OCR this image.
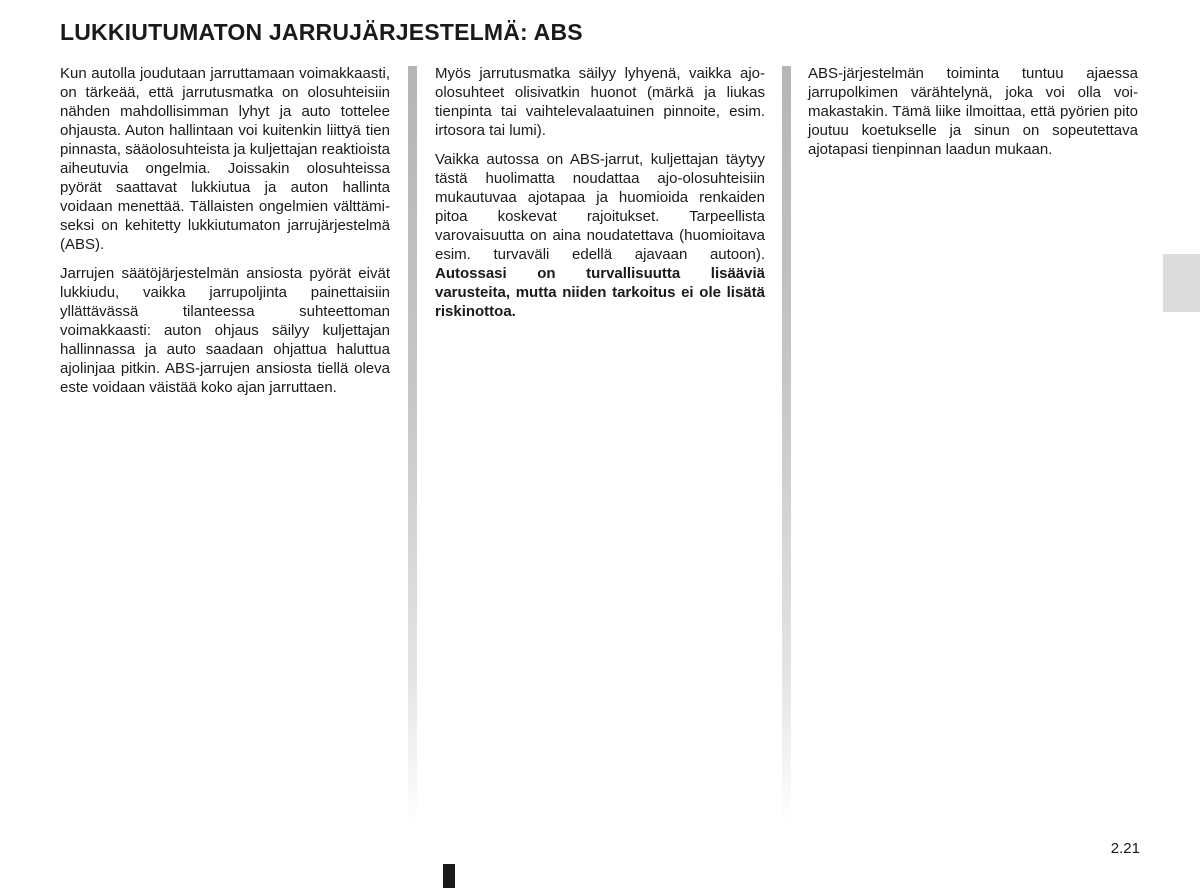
LUKKIUTUMATON JARRUJÄRJESTELMÄ: ABS

Kun autolla joudutaan jarruttamaan voimakkaasti, on tärkeää, että jarrutusmatka on olosuhteisiin nähden mahdollisimman lyhyt ja auto tottelee ohjausta. Auton hallintaan voi kuitenkin liittyä tien pinnasta, sääolosuhteista ja kuljettajan reaktioista aiheutuvia ongelmia. Joissakin olosuhteissa pyörät saattavat lukkiutua ja auton hallinta voidaan menettää. Tällaisten ongelmien välttämiseksi on kehitetty lukkiutumaton jarrujärjestelmä (ABS).

Jarrujen säätöjärjestelmän ansiosta pyörät eivät lukkiudu, vaikka jarrupoljinta painettaisiin yllättävässä tilanteessa suhteettoman voimakkaasti: auton ohjaus säilyy kuljettajan hallinnassa ja auto saadaan ohjattua haluttua ajolinjaa pitkin. ABS-jarrujen ansiosta tiellä oleva este voidaan väistää koko ajan jarruttaen.

Myös jarrutusmatka säilyy lyhyenä, vaikka ajo-olosuhteet olisivatkin huonot (märkä ja liukas tienpinta tai vaihtelevalaatuinen pinnoite, esim. irtosora tai lumi).

Vaikka autossa on ABS-jarrut, kuljettajan täytyy tästä huolimatta noudattaa ajo-olosuhteisiin mukautuvaa ajotapaa ja huomioida renkaiden pitoa koskevat rajoitukset. Tarpeellista varovaisuutta on aina noudatettava (huomioitava esim. turvaväli edellä ajavaan autoon). Autossasi on turvallisuutta lisääviä varusteita, mutta niiden tarkoitus ei ole lisätä riskinottoa.

ABS-järjestelmän toiminta tuntuu ajaessa jarrupolkimen värähtelynä, joka voi olla voimakastakin. Tämä liike ilmoittaa, että pyörien pito joutuu koetukselle ja sinun on sopeutettava ajotapasi tienpinnan laadun mukaan.

2.21
